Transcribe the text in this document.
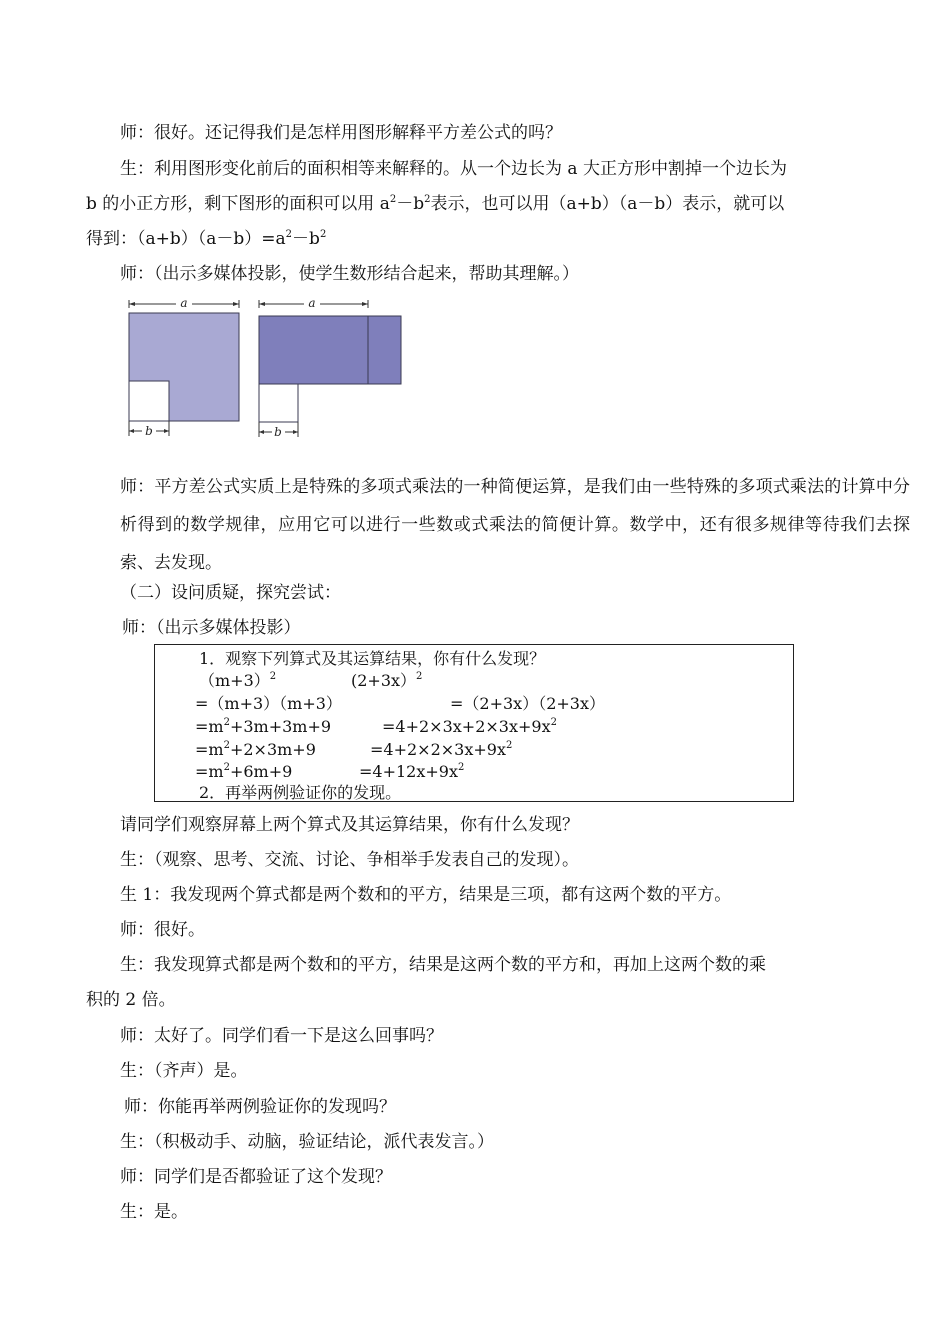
师：很好。还记得我们是怎样用图形解释平方差公式的吗？

生：利用图形变化前后的面积相等来解释的。从一个边长为 a 大正方形中割掉一个边长为

b 的小正方形，剩下图形的面积可以用 $a^2-b^2$表示，也可以用（a+b）（a－b）表示，就可以

得到：$(a+b)(a-b)=a^2-b^2$

师：（出示多媒体投影，使学生数形结合起来，帮助其理解。）

a
b
a
b

师：平方差公式实质上是特殊的多项式乘法的一种简便运算，是我们由一些特殊的多项式乘法的计算中分析得到的数学规律，应用它可以进行一些数或式乘法的简便计算。数学中，还有很多规律等待我们去探索、去发现。

（二）设问质疑，探究尝试：

师：（出示多媒体投影）

1．观察下列算式及其运算结果，你有什么发现？
$(m+3)^2$	(2+3x）$^2$
=（m+3）（m+3）	=（2+3x）（2+3x）
$=m^2+3m+3m+9$	$=4+2\times 3x+2\times 3x+9x^2$
$=m^2+2\times 3m+9$	$=4+2\times 2\times 3x+9x^2$
$=m^2+6m+9$	$=4+12x+9x^2$
2．再举两例验证你的发现。

请同学们观察屏幕上两个算式及其运算结果，你有什么发现？

生：（观察、思考、交流、讨论、争相举手发表自己的发现）。

生 1：我发现两个算式都是两个数和的平方，结果是三项，都有这两个数的平方。

师：很好。

生：我发现算式都是两个数和的平方，结果是这两个数的平方和，再加上这两个数的乘

积的 2 倍。

师：太好了。同学们看一下是这么回事吗？

生：（齐声）是。

师：你能再举两例验证你的发现吗？

生：（积极动手、动脑，验证结论，派代表发言。）

师：同学们是否都验证了这个发现？

生：是。
